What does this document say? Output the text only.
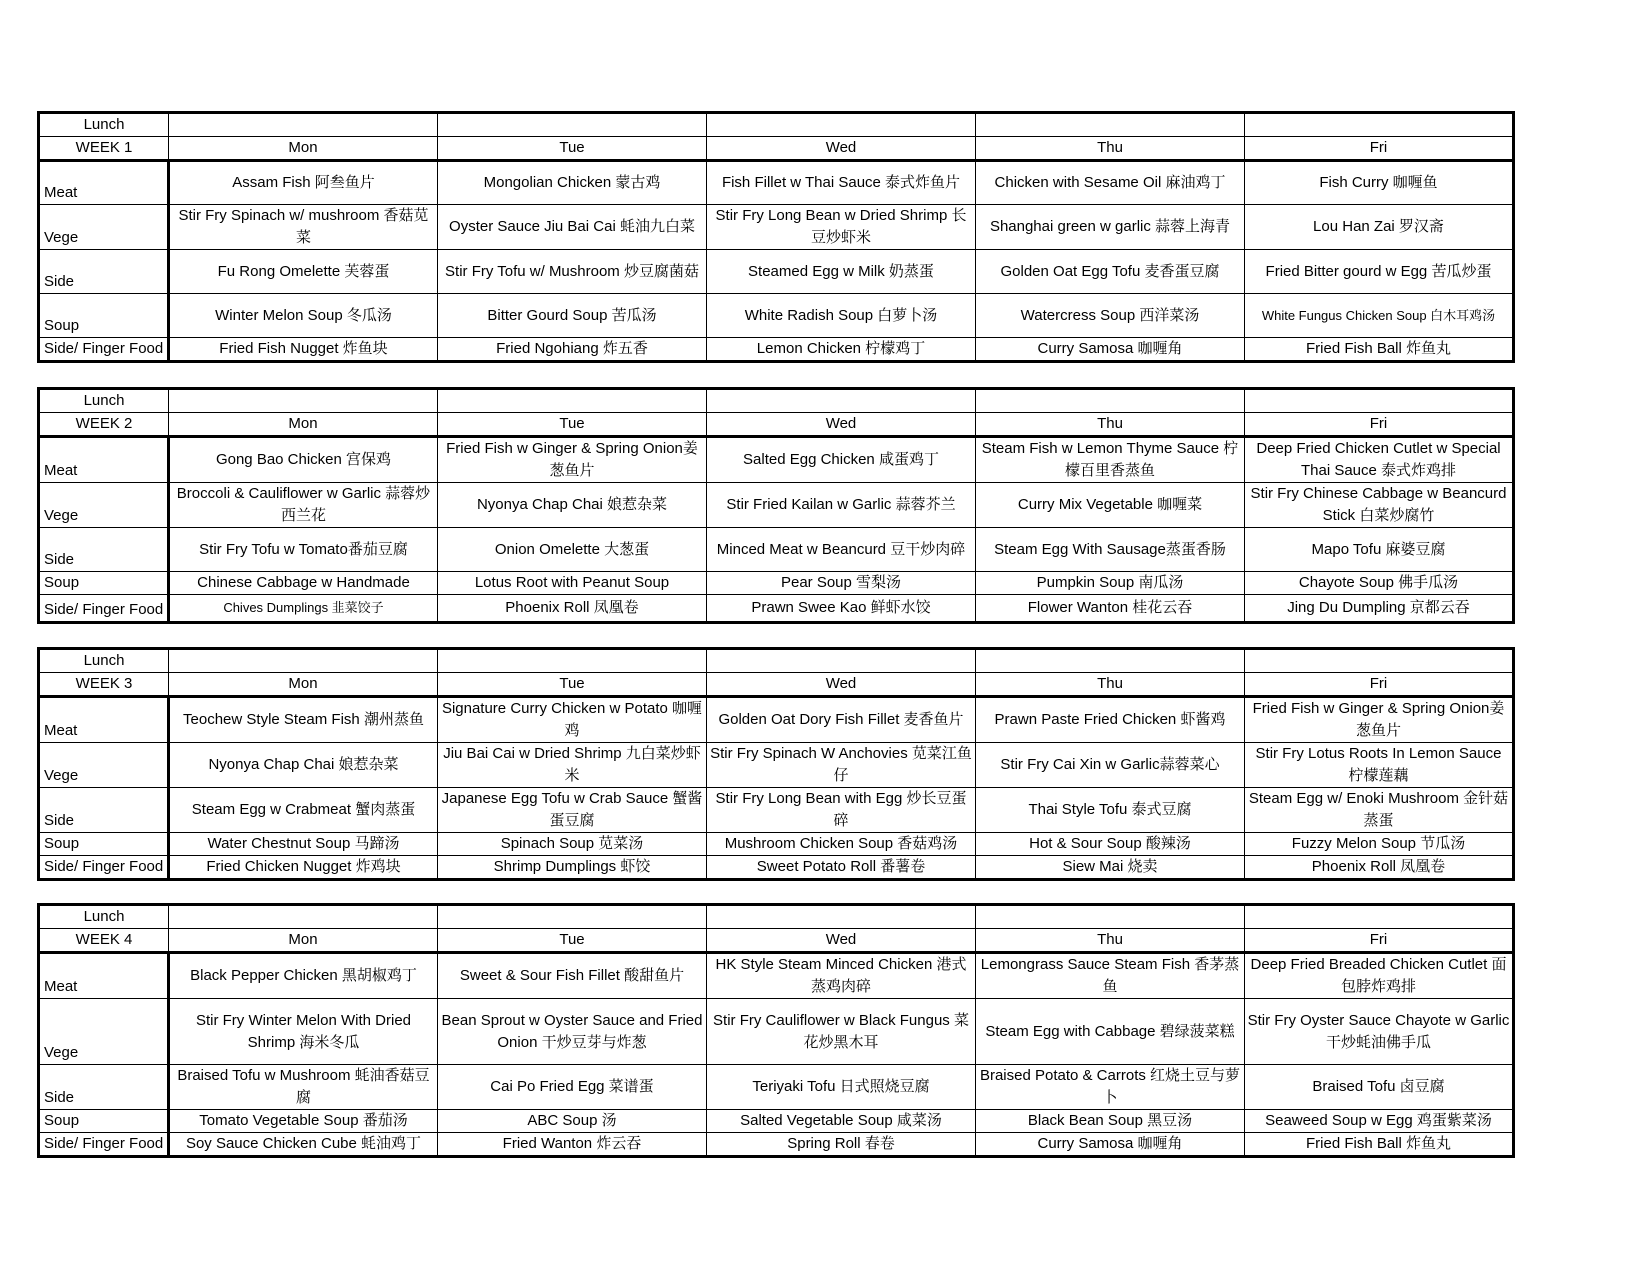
Lunch					
WEEK 1	Mon	Tue	Wed	Thu	Fri
Meat	Assam Fish 阿叁鱼片	Mongolian Chicken 蒙古鸡	Fish Fillet w Thai Sauce 泰式炸鱼片	Chicken with Sesame Oil 麻油鸡丁	Fish Curry 咖喱鱼
Vege	Stir Fry Spinach w/ mushroom 香菇苋菜	Oyster Sauce Jiu Bai Cai 蚝油九白菜	Stir Fry Long Bean w Dried Shrimp 长豆炒虾米	Shanghai green w garlic 蒜蓉上海青	Lou Han Zai 罗汉斋
Side	Fu Rong Omelette 芙蓉蛋	Stir Fry Tofu w/ Mushroom 炒豆腐菌菇	Steamed Egg w Milk 奶蒸蛋	Golden Oat Egg Tofu 麦香蛋豆腐	Fried Bitter gourd w Egg 苦瓜炒蛋
Soup	Winter Melon Soup 冬瓜汤	Bitter Gourd Soup 苦瓜汤	White Radish Soup 白萝卜汤	Watercress Soup 西洋菜汤	White Fungus Chicken Soup 白木耳鸡汤
Side/ Finger Food	Fried Fish Nugget 炸鱼块	Fried Ngohiang 炸五香	Lemon Chicken 柠檬鸡丁	Curry Samosa 咖喱角	Fried Fish Ball 炸鱼丸
Lunch					
WEEK 2	Mon	Tue	Wed	Thu	Fri
Meat	Gong Bao Chicken 宫保鸡	Fried Fish w Ginger & Spring Onion姜葱鱼片	Salted Egg Chicken 咸蛋鸡丁	Steam Fish w Lemon Thyme Sauce 柠檬百里香蒸鱼	Deep Fried Chicken Cutlet w Special Thai Sauce 泰式炸鸡排
Vege	Broccoli & Cauliflower w Garlic 蒜蓉炒西兰花	Nyonya Chap Chai 娘惹杂菜	Stir Fried Kailan w Garlic 蒜蓉芥兰	Curry Mix Vegetable 咖喱菜	Stir Fry Chinese Cabbage w Beancurd Stick 白菜炒腐竹
Side	Stir Fry Tofu w Tomato番茄豆腐	Onion Omelette 大葱蛋	Minced Meat w Beancurd 豆干炒肉碎	Steam Egg With Sausage蒸蛋香肠	Mapo Tofu 麻婆豆腐
Soup	Chinese Cabbage w Handmade	Lotus Root with Peanut Soup	Pear Soup 雪梨汤	Pumpkin Soup 南瓜汤	Chayote Soup 佛手瓜汤
Side/ Finger Food	Chives Dumplings 韭菜饺子	Phoenix Roll 凤凰卷	Prawn Swee Kao 鲜虾水饺	Flower Wanton 桂花云吞	Jing Du Dumpling 京都云吞
Lunch					
WEEK 3	Mon	Tue	Wed	Thu	Fri
Meat	Teochew Style Steam Fish 潮州蒸鱼	Signature Curry Chicken w Potato 咖喱鸡	Golden Oat Dory Fish Fillet 麦香鱼片	Prawn Paste Fried Chicken 虾酱鸡	Fried Fish w Ginger & Spring Onion姜葱鱼片
Vege	Nyonya Chap Chai 娘惹杂菜	Jiu Bai Cai w Dried Shrimp 九白菜炒虾米	Stir Fry Spinach W Anchovies 苋菜江鱼仔	Stir Fry Cai Xin w Garlic蒜蓉菜心	Stir Fry Lotus Roots In Lemon Sauce 柠檬莲藕
Side	Steam Egg w Crabmeat 蟹肉蒸蛋	Japanese Egg Tofu w Crab Sauce 蟹酱蛋豆腐	Stir Fry Long Bean with Egg 炒长豆蛋碎	Thai Style Tofu 泰式豆腐	Steam Egg w/ Enoki Mushroom 金针菇蒸蛋
Soup	Water Chestnut Soup 马蹄汤	Spinach Soup 苋菜汤	Mushroom Chicken Soup 香菇鸡汤	Hot & Sour Soup 酸辣汤	Fuzzy Melon Soup 节瓜汤
Side/ Finger Food	Fried Chicken Nugget 炸鸡块	Shrimp Dumplings 虾饺	Sweet Potato Roll 番薯卷	Siew Mai 烧卖	Phoenix Roll 凤凰卷
Lunch					
WEEK 4	Mon	Tue	Wed	Thu	Fri
Meat	Black Pepper Chicken 黑胡椒鸡丁	Sweet & Sour Fish Fillet 酸甜鱼片	HK Style Steam Minced Chicken 港式蒸鸡肉碎	Lemongrass Sauce Steam Fish 香茅蒸鱼	Deep Fried Breaded Chicken Cutlet 面包脖炸鸡排
Vege	Stir Fry Winter Melon With Dried Shrimp 海米冬瓜	Bean Sprout w Oyster Sauce and Fried Onion 干炒豆芽与炸葱	Stir Fry Cauliflower w Black Fungus 菜花炒黑木耳	Steam Egg with Cabbage 碧绿菠菜糕	Stir Fry Oyster Sauce Chayote w Garlic 干炒蚝油佛手瓜
Side	Braised Tofu w Mushroom 蚝油香菇豆腐	Cai Po Fried Egg 菜谱蛋	Teriyaki Tofu 日式照烧豆腐	Braised Potato & Carrots 红烧土豆与萝卜	Braised Tofu 卤豆腐
Soup	Tomato Vegetable Soup 番茄汤	ABC Soup 汤	Salted Vegetable Soup 咸菜汤	Black Bean Soup 黑豆汤	Seaweed Soup w Egg 鸡蛋紫菜汤
Side/ Finger Food	Soy Sauce Chicken Cube 蚝油鸡丁	Fried Wanton 炸云吞	Spring Roll 春卷	Curry Samosa 咖喱角	Fried Fish Ball 炸鱼丸
